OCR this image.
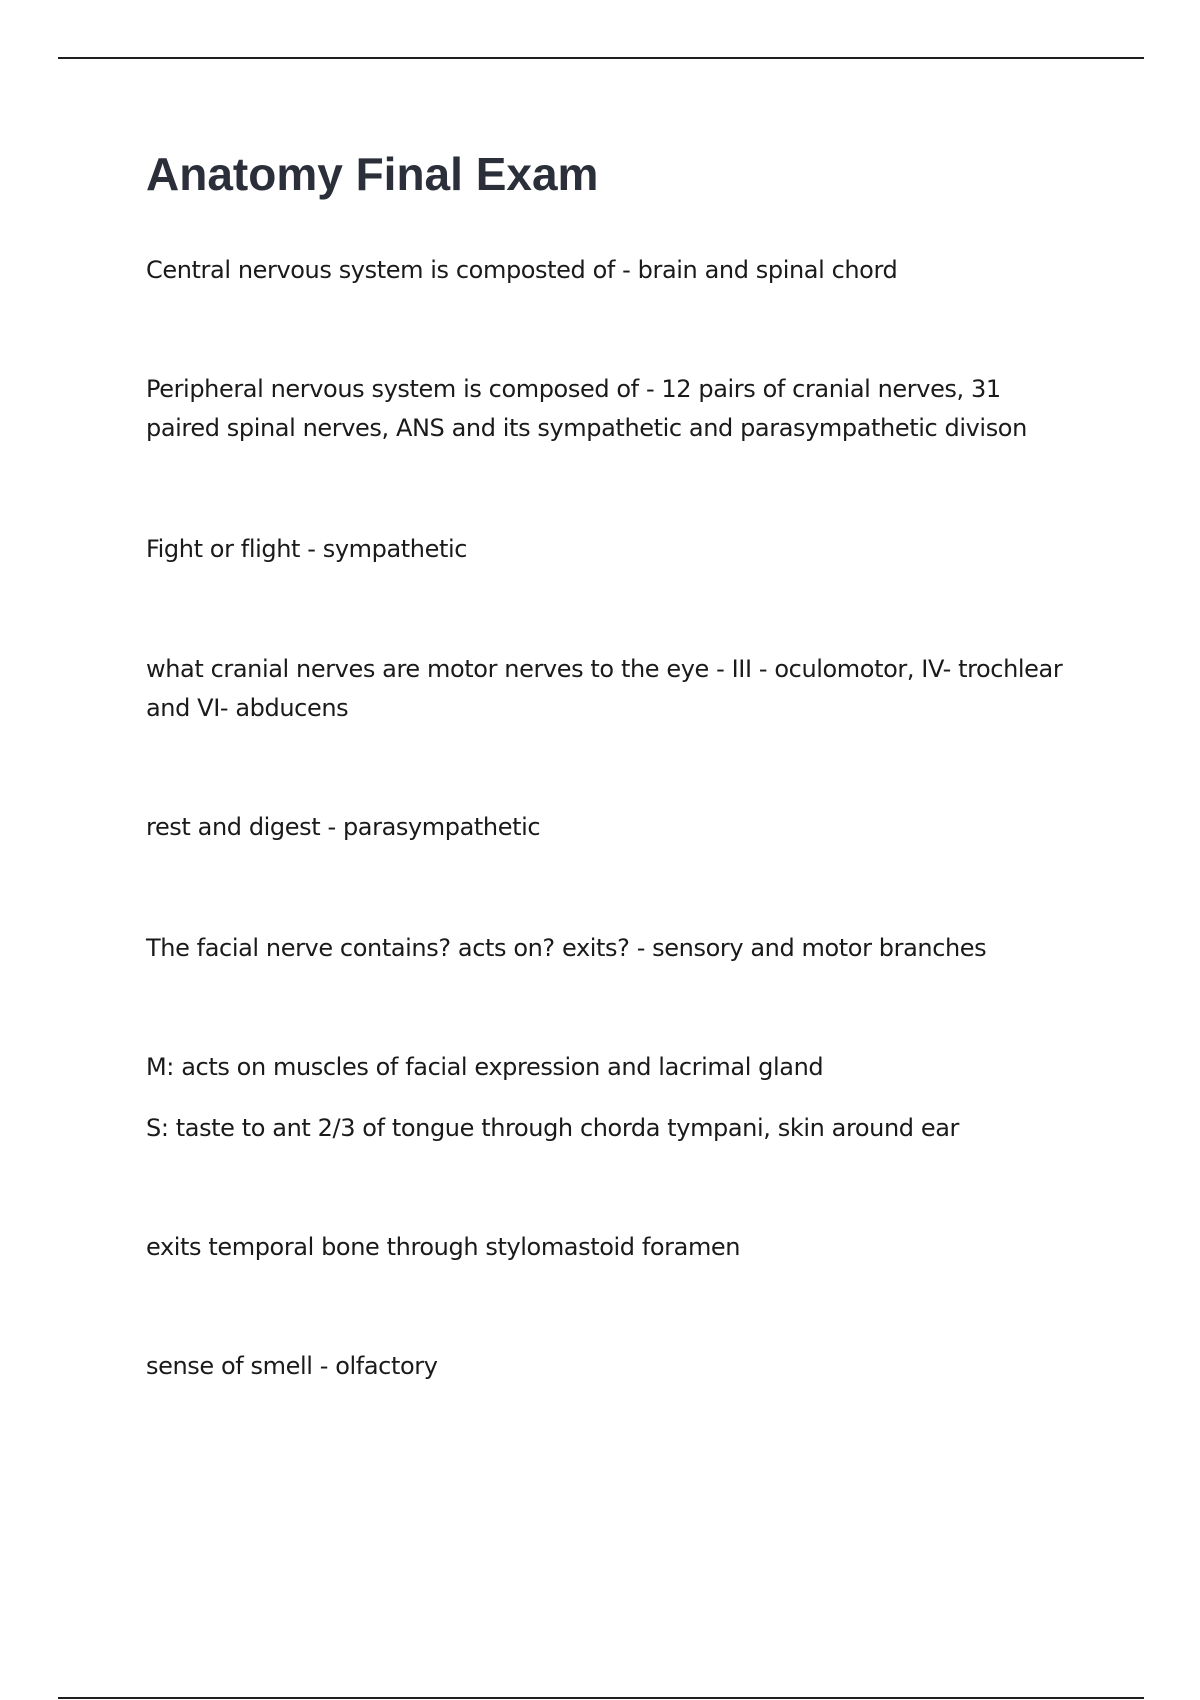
Anatomy Final Exam

Central nervous system is composted of - brain and spinal chord

Peripheral nervous system is composed of - 12 pairs of cranial nerves, 31 paired spinal nerves, ANS and its sympathetic and parasympathetic divison

Fight or flight - sympathetic

what cranial nerves are motor nerves to the eye - III - oculomotor, IV- trochlear and VI- abducens

rest and digest - parasympathetic

The facial nerve contains? acts on? exits? - sensory and motor branches

M: acts on muscles of facial expression and lacrimal gland

S: taste to ant 2/3 of tongue through chorda tympani, skin around ear

exits temporal bone through stylomastoid foramen

sense of smell - olfactory
